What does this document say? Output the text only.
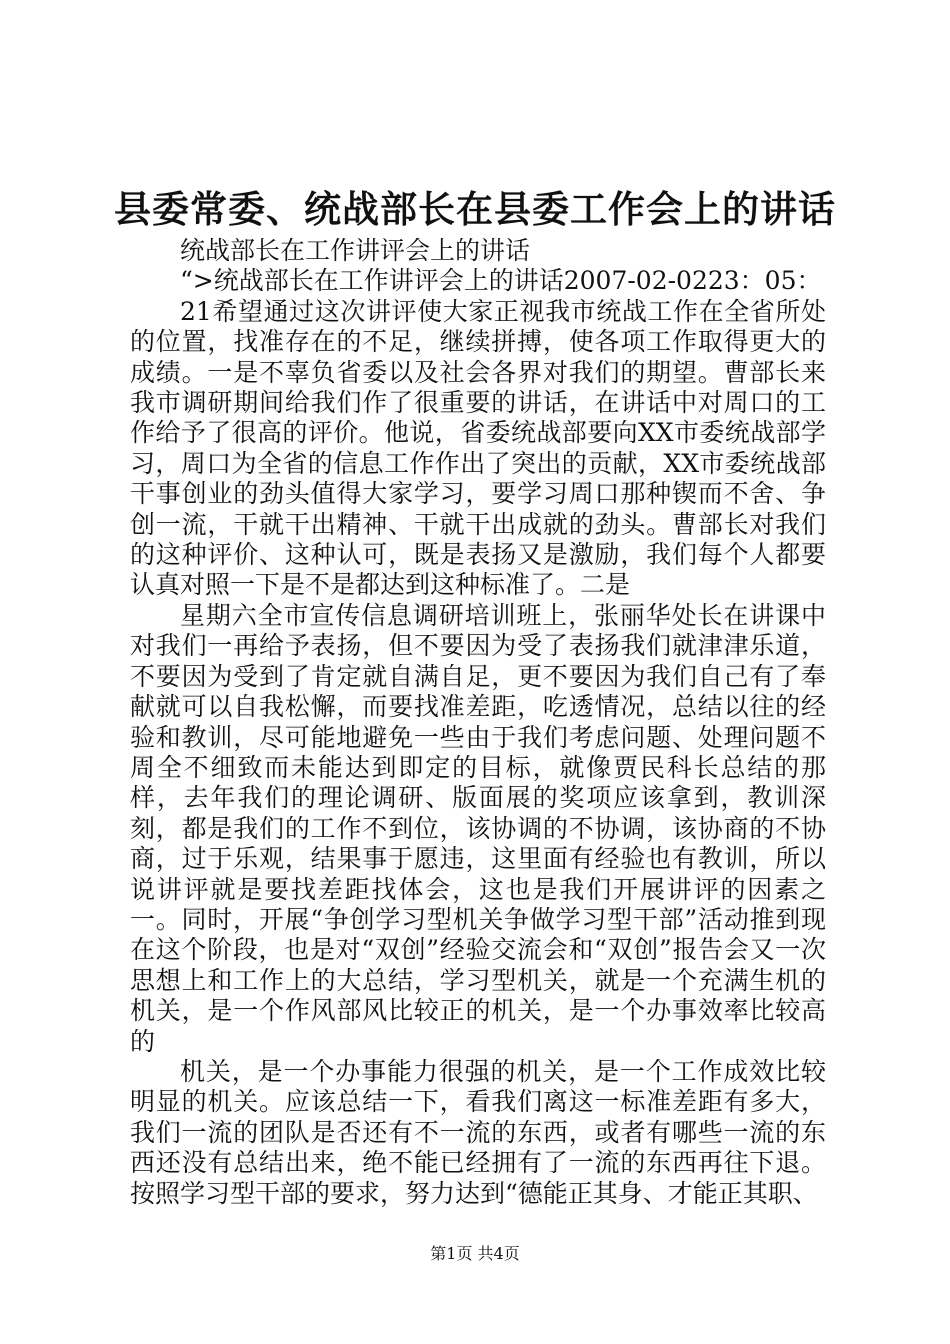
县委常委、统战部长在县委工作会上的讲话

统战部长在工作讲评会上的讲话

“>统战部长在工作讲评会上的讲话2007-02-0223：05：

21希望通过这次讲评使大家正视我市统战工作在全省所处的位置，找准存在的不足，继续拼搏，使各项工作取得更大的成绩。一是不辜负省委以及社会各界对我们的期望。曹部长来我市调研期间给我们作了很重要的讲话，在讲话中对周口的工作给予了很高的评价。他说，省委统战部要向XX市委统战部学习，周口为全省的信息工作作出了突出的贡献，XX市委统战部干事创业的劲头值得大家学习，要学习周口那种锲而不舍、争创一流，干就干出精神、干就干出成就的劲头。曹部长对我们的这种评价、这种认可，既是表扬又是激励，我们每个人都要认真对照一下是不是都达到这种标准了。二是

星期六全市宣传信息调研培训班上，张丽华处长在讲课中对我们一再给予表扬，但不要因为受了表扬我们就津津乐道，不要因为受到了肯定就自满自足，更不要因为我们自己有了奉献就可以自我松懈，而要找准差距，吃透情况，总结以往的经验和教训，尽可能地避免一些由于我们考虑问题、处理问题不周全不细致而未能达到即定的目标，就像贾民科长总结的那样，去年我们的理论调研、版面展的奖项应该拿到，教训深刻，都是我们的工作不到位，该协调的不协调，该协商的不协商，过于乐观，结果事于愿违，这里面有经验也有教训，所以说讲评就是要找差距找体会，这也是我们开展讲评的因素之一。同时，开展“争创学习型机关争做学习型干部”活动推到现在这个阶段，也是对“双创”经验交流会和“双创”报告会又一次思想上和工作上的大总结，学习型机关，就是一个充满生机的机关，是一个作风部风比较正的机关，是一个办事效率比较高的

机关，是一个办事能力很强的机关，是一个工作成效比较明显的机关。应该总结一下，看我们离这一标准差距有多大，我们一流的团队是否还有不一流的东西，或者有哪些一流的东西还没有总结出来，绝不能已经拥有了一流的东西再往下退。按照学习型干部的要求，努力达到“德能正其身、才能正其职、

第1页 共4页
